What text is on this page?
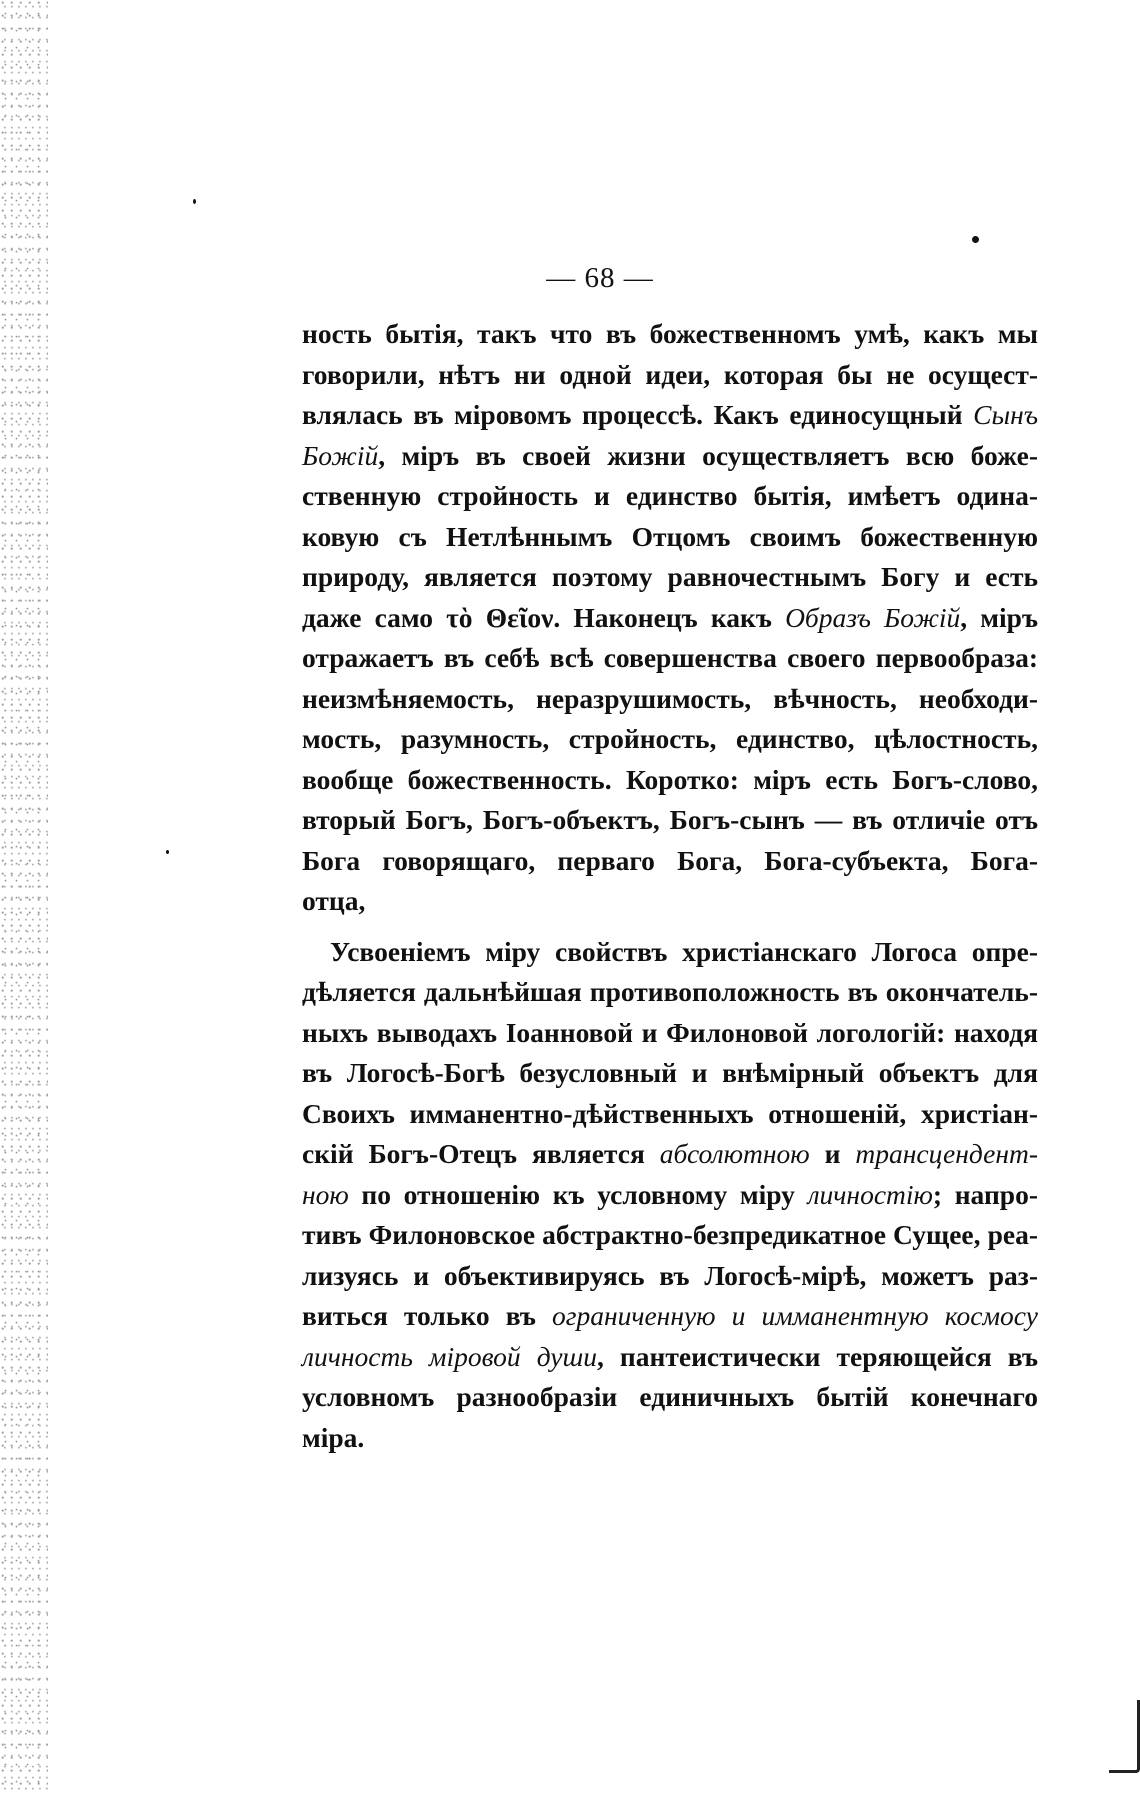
— 68 —
ность бытія, такъ что въ божественномъ умѣ, какъ мы
говорили, нѣтъ ни одной идеи, которая бы не осущест-
влялась въ міровомъ процессѣ. Какъ единосущный Сынъ
Божій, міръ въ своей жизни осуществляетъ всю боже-
ственную стройность и единство бытія, имѣетъ одина-
ковую съ Нетлѣннымъ Отцомъ своимъ божественную
природу, является поэтому равночестнымъ Богу и есть
даже само τὸ Θεῖον. Наконецъ какъ Образъ Божій, міръ
отражаетъ въ себѣ всѣ совершенства своего первообраза:
неизмѣняемость, неразрушимость, вѣчность, необходи-
мость, разумность, стройность, единство, цѣлостность,
вообще божественность. Коротко: міръ есть Богъ-слово,
вторый Богъ, Богъ-объектъ, Богъ-сынъ — въ отличіе отъ
Бога говорящаго, перваго Бога, Бога-субъекта, Бога-
отца,
Усвоеніемъ міру свойствъ христіанскаго Логоса опре-
дѣляется дальнѣйшая противоположность въ окончатель-
ныхъ выводахъ Іоанновой и Филоновой логологій: находя
въ Логосѣ-Богѣ безусловный и внѣмірный объектъ для
Своихъ имманентно-дѣйственныхъ отношеній, христіан-
скій Богъ-Отецъ является абсолютною и трансцендент-
ною по отношенію къ условному міру личностію; напро-
тивъ Филоновское абстрактно-безпредикатное Сущее, реа-
лизуясь и объективируясь въ Логосѣ-мірѣ, можетъ раз-
виться только въ ограниченную и имманентную космосу
личность міровой души, пантеистически теряющейся въ
условномъ разнообразіи единичныхъ бытій конечнаго
міра.
